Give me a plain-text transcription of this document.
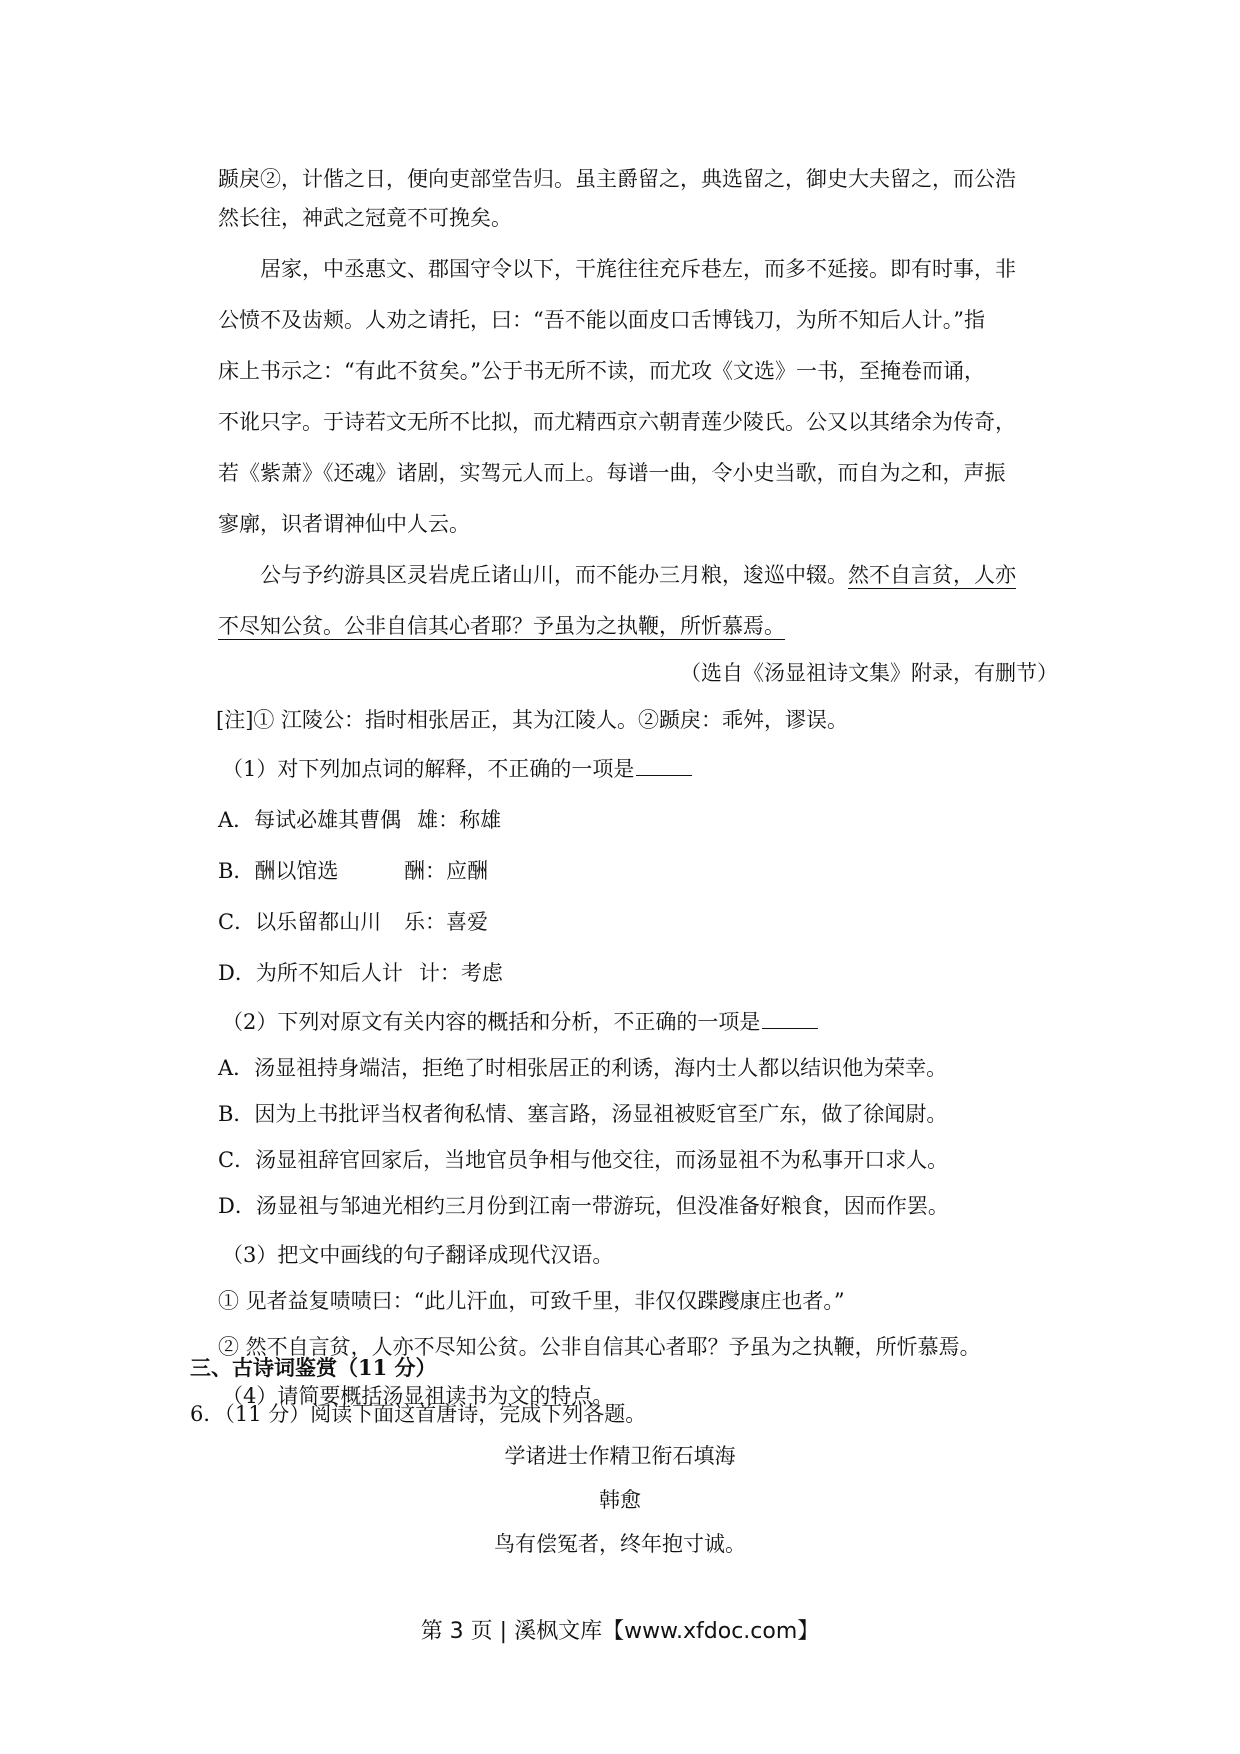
踬戾②，计偕之日，便向吏部堂告归。虽主爵留之，典选留之，御史大夫留之，而公浩

然长往，神武之冠竟不可挽矣。

居家，中丞惠文、郡国守令以下，干旄往往充斥巷左，而多不延接。即有时事，非

公愤不及齿颊。人劝之请托，曰：“吾不能以面皮口舌博钱刀，为所不知后人计。”指

床上书示之：“有此不贫矣。”公于书无所不读，而尤攻《文选》一书，至掩卷而诵，

不讹只字。于诗若文无所不比拟，而尤精西京六朝青莲少陵氏。公又以其绪余为传奇，

若《紫萧》《还魂》诸剧，实驾元人而上。每谱一曲，令小史当歌，而自为之和，声振

寥廓，识者谓神仙中人云。

公与予约游具区灵岩虎丘诸山川，而不能办三月粮，逡巡中辍。然不自言贫，人亦

不尽知公贫。公非自信其心者耶？予虽为之执鞭，所忻慕焉。

（选自《汤显祖诗文集》附录，有删节）

[注]① 江陵公：指时相张居正，其为江陵人。②踬戾：乖舛，谬误。

（1）对下列加点词的解释，不正确的一项是

A．每试必雄其曹偶 雄：称雄

B．酬以馆选	酬：应酬

C．以乐留都山川 乐：喜爱

D．为所不知后人计 计：考虑

（2）下列对原文有关内容的概括和分析，不正确的一项是

A．汤显祖持身端洁，拒绝了时相张居正的利诱，海内士人都以结识他为荣幸。

B．因为上书批评当权者徇私情、塞言路，汤显祖被贬官至广东，做了徐闻尉。

C．汤显祖辞官回家后，当地官员争相与他交往，而汤显祖不为私事开口求人。

D．汤显祖与邹迪光相约三月份到江南一带游玩，但没准备好粮食，因而作罢。

（3）把文中画线的句子翻译成现代汉语。

① 见者益复啧啧曰：“此儿汗血，可致千里，非仅仅蹀躞康庄也者。”

② 然不自言贫，人亦不尽知公贫。公非自信其心者耶？予虽为之执鞭，所忻慕焉。

（4）请简要概括汤显祖读书为文的特点。

三、古诗词鉴赏（11 分）
6．（11 分）阅读下面这首唐诗，完成下列各题。
学诸进士作精卫衔石填海
韩愈
鸟有偿冤者，终年抱寸诚。
第 3 页 | 溪枫文库【www.xfdoc.com】
